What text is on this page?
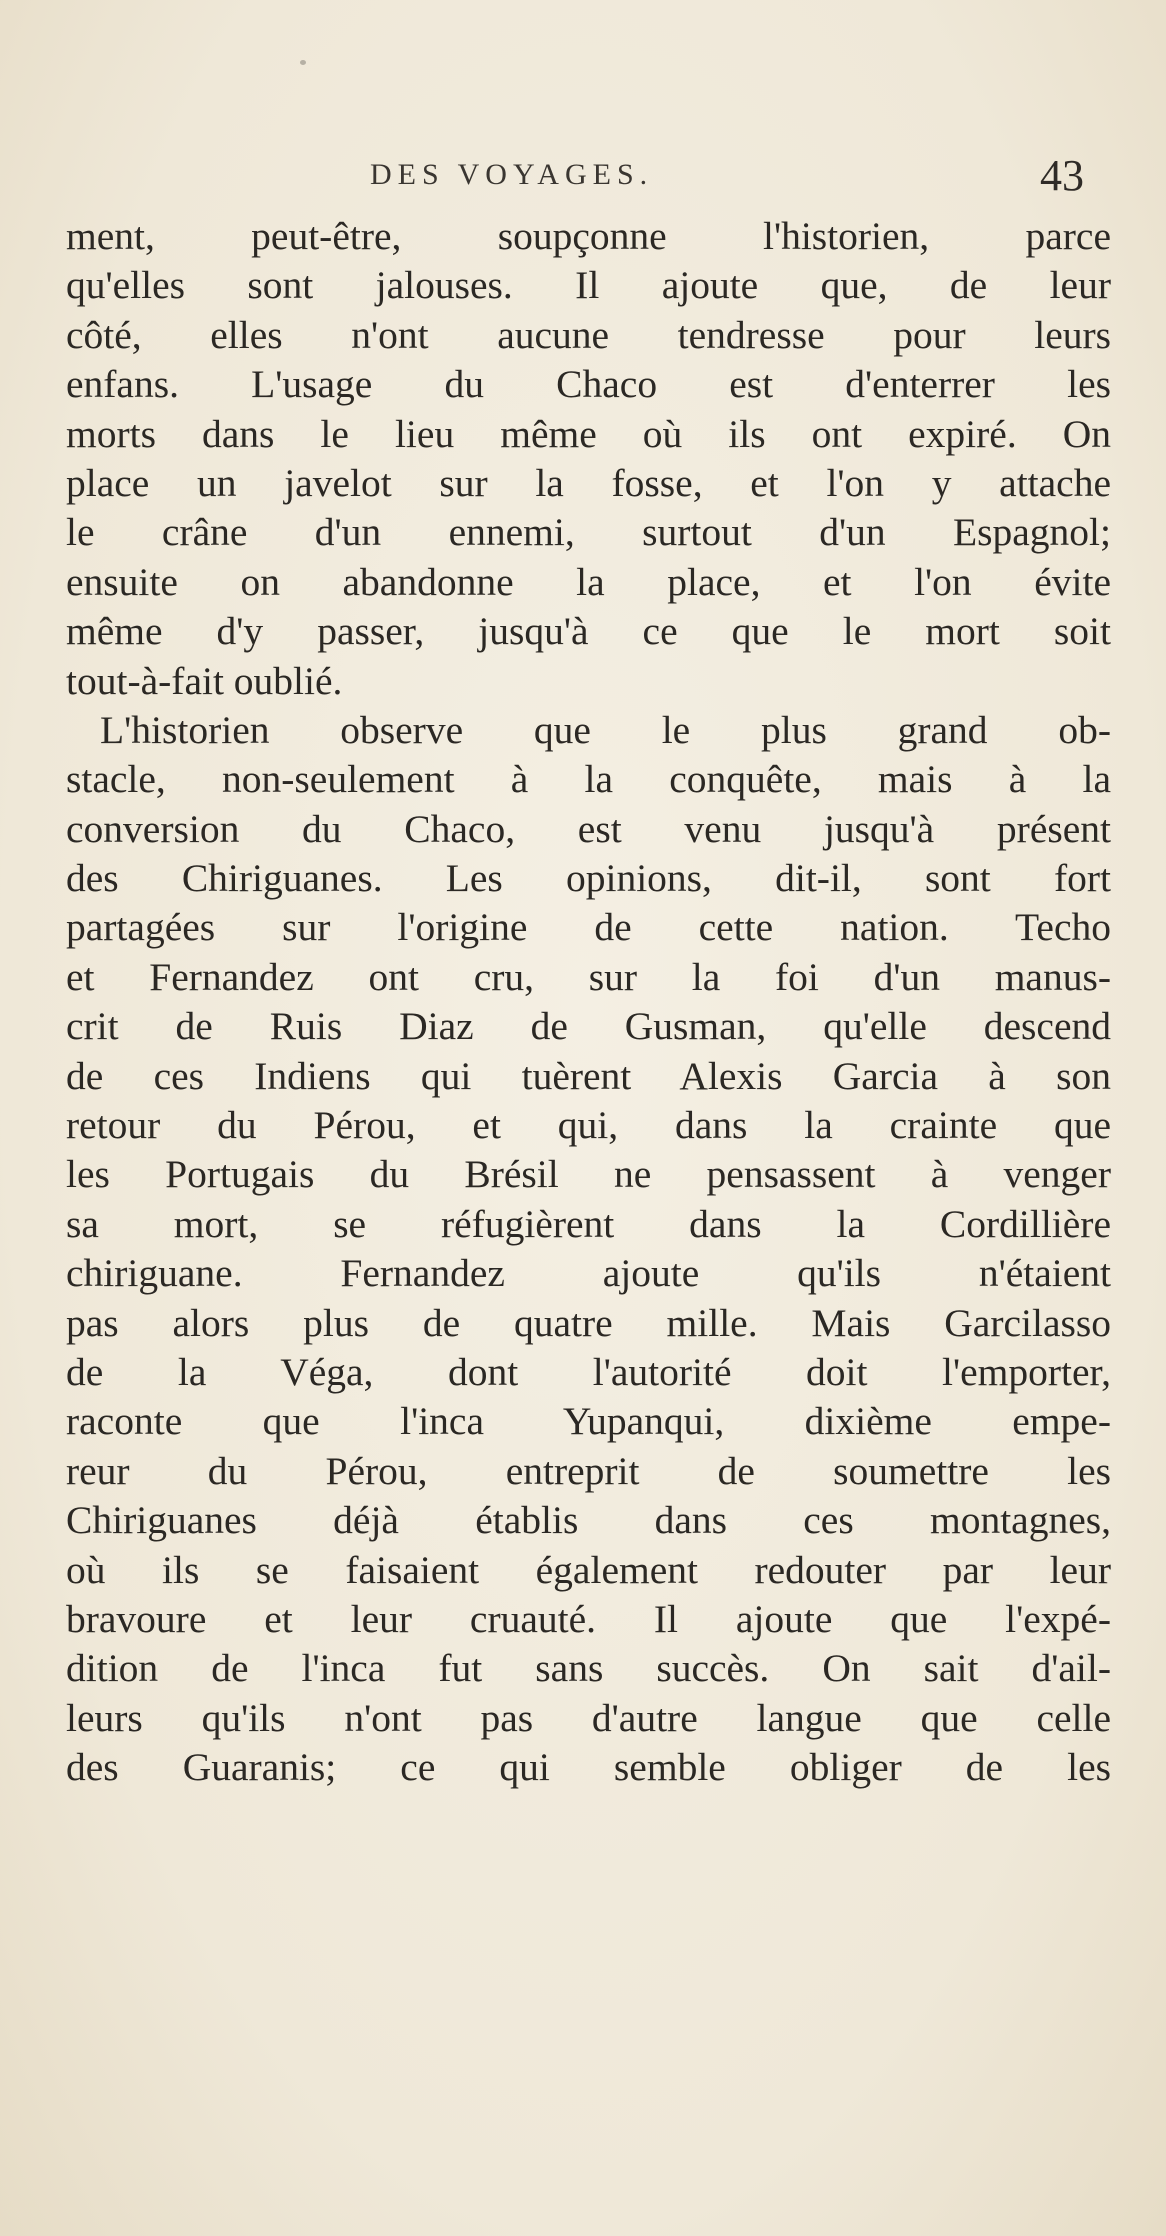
DES VOYAGES.	43
ment, peut-être, soupçonne l'historien, parce
qu'elles sont jalouses. Il ajoute que, de leur
côté, elles n'ont aucune tendresse pour leurs
enfans. L'usage du Chaco est d'enterrer les
morts dans le lieu même où ils ont expiré. On
place un javelot sur la fosse, et l'on y attache
le crâne d'un ennemi, surtout d'un Espagnol;
ensuite on abandonne la place, et l'on évite
même d'y passer, jusqu'à ce que le mort soit
tout-à-fait oublié.
L'historien observe que le plus grand ob-
stacle, non-seulement à la conquête, mais à la
conversion du Chaco, est venu jusqu'à présent
des Chiriguanes. Les opinions, dit-il, sont fort
partagées sur l'origine de cette nation. Techo
et Fernandez ont cru, sur la foi d'un manus-
crit de Ruis Diaz de Gusman, qu'elle descend
de ces Indiens qui tuèrent Alexis Garcia à son
retour du Pérou, et qui, dans la crainte que
les Portugais du Brésil ne pensassent à venger
sa mort, se réfugièrent dans la Cordillière
chiriguane. Fernandez ajoute qu'ils n'étaient
pas alors plus de quatre mille. Mais Garcilasso
de la Véga, dont l'autorité doit l'emporter,
raconte que l'inca Yupanqui, dixième empe-
reur du Pérou, entreprit de soumettre les
Chiriguanes déjà établis dans ces montagnes,
où ils se faisaient également redouter par leur
bravoure et leur cruauté. Il ajoute que l'expé-
dition de l'inca fut sans succès. On sait d'ail-
leurs qu'ils n'ont pas d'autre langue que celle
des Guaranis; ce qui semble obliger de les
